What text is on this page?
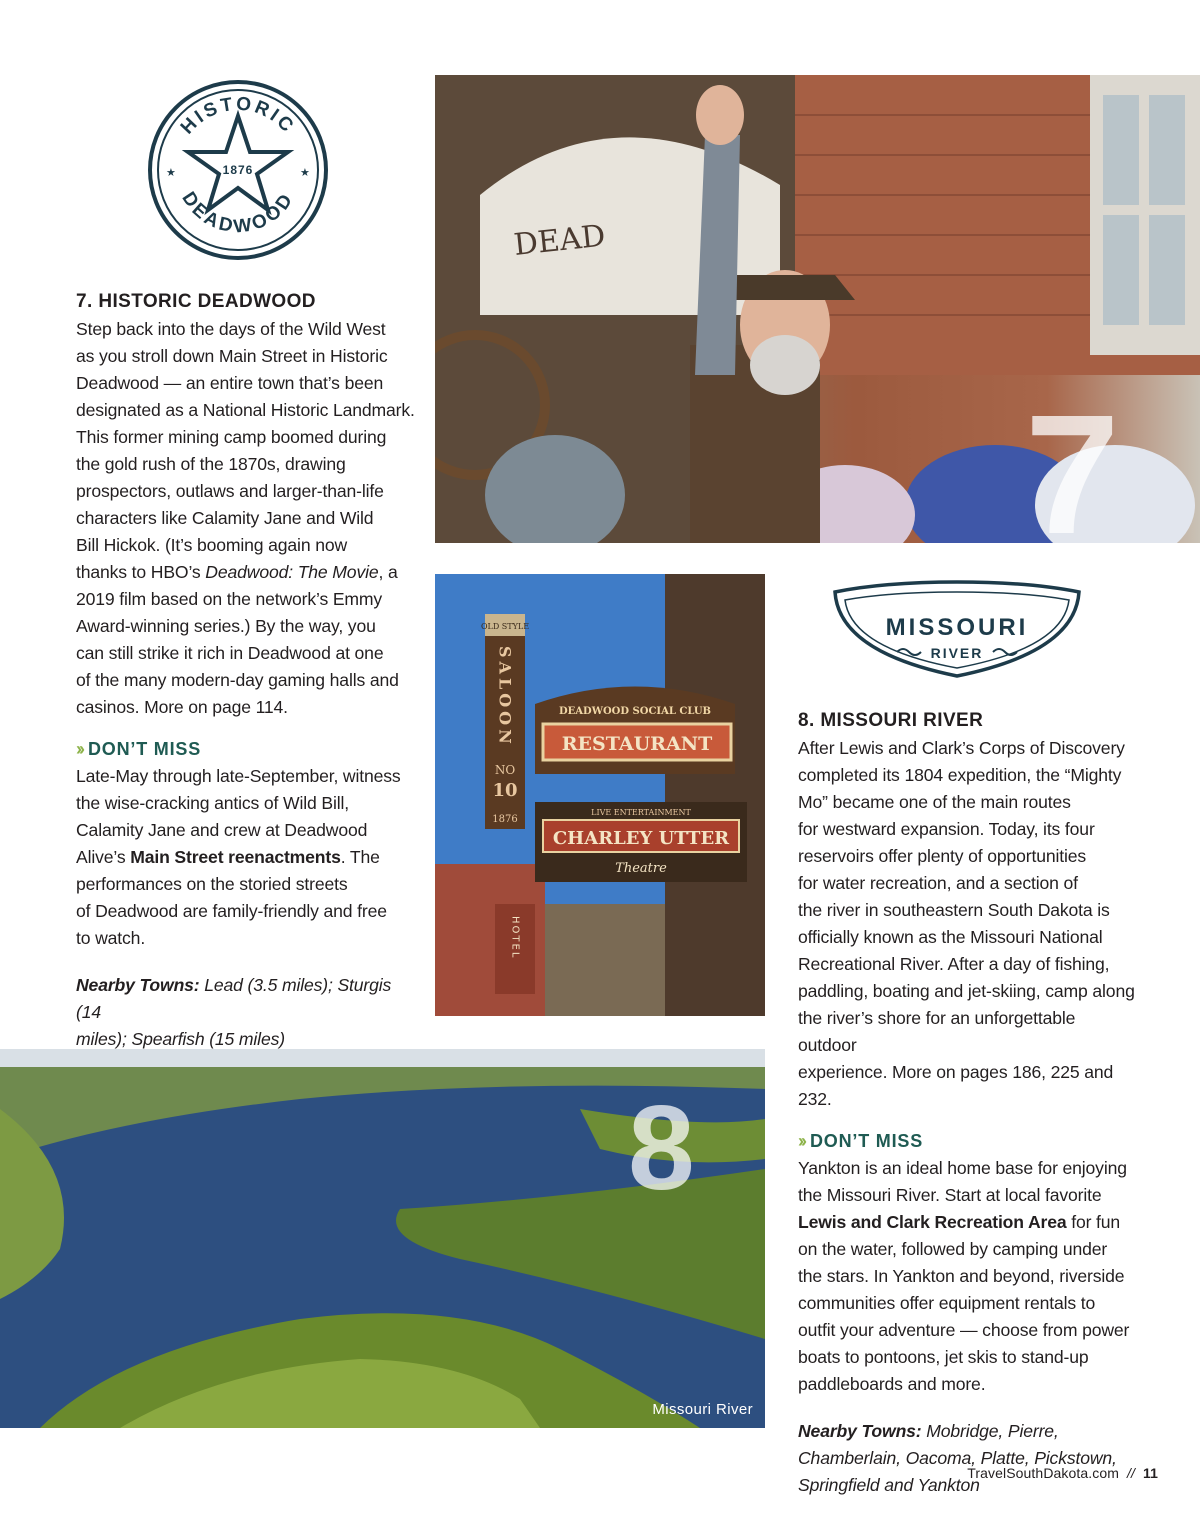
HISTORIC
DEADWOOD
1876
★	★

7. HISTORIC DEADWOOD

Step back into the days of the Wild West

as you stroll down Main Street in Historic

Deadwood — an entire town that’s been

designated as a National Historic Landmark.

This former mining camp boomed during

the gold rush of the 1870s, drawing

prospectors, outlaws and larger-than-life

characters like Calamity Jane and Wild

Bill Hickok. (It’s booming again now

thanks to HBO’s Deadwood: The Movie, a

2019 film based on the network’s Emmy

Award-winning series.) By the way, you

can still strike it rich in Deadwood at one

of the many modern-day gaming halls and

casinos. More on page 114.

›› DON’T MISS

Late-May through late-September, witness

the wise-cracking antics of Wild Bill,

Calamity Jane and crew at Deadwood

Alive’s Main Street reenactments. The

performances on the storied streets

of Deadwood are family-friendly and free

to watch.

Nearby Towns: Lead (3.5 miles); Sturgis (14

miles); Spearfish (15 miles)

DEAD
7
OLD STYLE
SALOON
NO
10
1876
DEADWOOD SOCIAL CLUB
RESTAURANT
LIVE ENTERTAINMENT
CHARLEY UTTER
Theatre
HOTEL
MISSOURI
RIVER

8. MISSOURI RIVER

After Lewis and Clark’s Corps of Discovery

completed its 1804 expedition, the “Mighty

Mo” became one of the main routes

for westward expansion. Today, its four

reservoirs offer plenty of opportunities

for water recreation, and a section of

the river in southeastern South Dakota is

officially known as the Missouri National

Recreational River. After a day of fishing,

paddling, boating and jet-skiing, camp along

the river’s shore for an unforgettable outdoor

experience. More on pages 186, 225 and 232.

›› DON’T MISS

Yankton is an ideal home base for enjoying

the Missouri River. Start at local favorite

Lewis and Clark Recreation Area for fun

on the water, followed by camping under

the stars. In Yankton and beyond, riverside

communities offer equipment rentals to

outfit your adventure — choose from power

boats to pontoons, jet skis to stand-up

paddleboards and more.

Nearby Towns: Mobridge, Pierre,

Chamberlain, Oacoma, Platte, Pickstown,

Springfield and Yankton

8
Missouri River
TravelSouthDakota.com // 11
